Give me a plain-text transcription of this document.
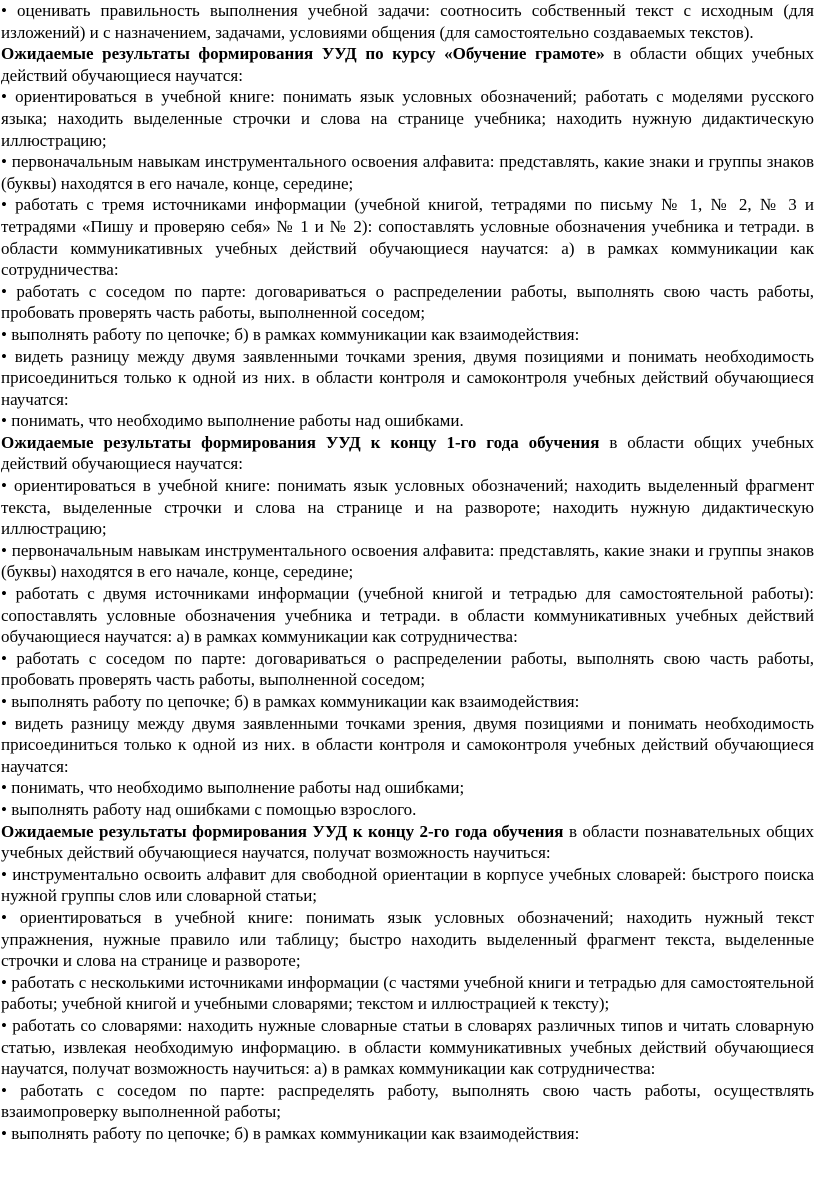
• оценивать правильность выполнения учебной задачи: соотносить собственный текст с исходным (для изложений) и с назначением, задачами, условиями общения (для самостоятельно создаваемых текстов).

Ожидаемые результаты формирования УУД по курсу «Обучение грамоте» в области общих учебных действий обучающиеся научатся:

• ориентироваться в учебной книге: понимать язык условных обозначений; работать с моделями русского языка; находить выделенные строчки и слова на странице учебника; находить нужную дидактическую иллюстрацию;

• первоначальным навыкам инструментального освоения алфавита: представлять, какие знаки и группы знаков (буквы) находятся в его начале, конце, середине;

• работать с тремя источниками информации (учебной книгой, тетрадями по письму № 1, № 2, № 3 и тетрадями «Пишу и проверяю себя» № 1 и № 2): сопоставлять условные обозначения учебника и тетради. в области коммуникативных учебных действий обучающиеся научатся: а) в рамках коммуникации как сотрудничества:

• работать с соседом по парте: договариваться о распределении работы, выполнять свою часть работы, пробовать проверять часть работы, выполненной соседом;

• выполнять работу по цепочке; б) в рамках коммуникации как взаимодействия:

• видеть разницу между двумя заявленными точками зрения, двумя позициями и понимать необходимость присоединиться только к одной из них. в области контроля и самоконтроля учебных действий обучающиеся научатся:

• понимать, что необходимо выполнение работы над ошибками.

Ожидаемые результаты формирования УУД к концу 1-го года обучения в области общих учебных действий обучающиеся научатся:

• ориентироваться в учебной книге: понимать язык условных обозначений; находить выделенный фрагмент текста, выделенные строчки и слова на странице и на развороте; находить нужную дидактическую иллюстрацию;

• первоначальным навыкам инструментального освоения алфавита: представлять, какие знаки и группы знаков (буквы) находятся в его начале, конце, середине;

• работать с двумя источниками информации (учебной книгой и тетрадью для самостоятельной работы): сопоставлять условные обозначения учебника и тетради. в области коммуникативных учебных действий обучающиеся научатся: а) в рамках коммуникации как сотрудничества:

• работать с соседом по парте: договариваться о распределении работы, выполнять свою часть работы, пробовать проверять часть работы, выполненной соседом;

• выполнять работу по цепочке; б) в рамках коммуникации как взаимодействия:

• видеть разницу между двумя заявленными точками зрения, двумя позициями и понимать необходимость присоединиться только к одной из них. в области контроля и самоконтроля учебных действий обучающиеся научатся:

• понимать, что необходимо выполнение работы над ошибками;

• выполнять работу над ошибками с помощью взрослого.

Ожидаемые результаты формирования УУД к концу 2-го года обучения в области познавательных общих учебных действий обучающиеся научатся, получат возможность научиться:

• инструментально освоить алфавит для свободной ориентации в корпусе учебных словарей: быстрого поиска нужной группы слов или словарной статьи;

• ориентироваться в учебной книге: понимать язык условных обозначений; находить нужный текст упражнения, нужные правило или таблицу; быстро находить выделенный фрагмент текста, выделенные строчки и слова на странице и развороте;

• работать с несколькими источниками информации (с частями учебной книги и тетрадью для самостоятельной работы; учебной книгой и учебными словарями; текстом и иллюстрацией к тексту);

• работать со словарями: находить нужные словарные статьи в словарях различных типов и читать словарную статью, извлекая необходимую информацию. в области коммуникативных учебных действий обучающиеся научатся, получат возможность научиться: а) в рамках коммуникации как сотрудничества:

• работать с соседом по парте: распределять работу, выполнять свою часть работы, осуществлять взаимопроверку выполненной работы;

• выполнять работу по цепочке; б) в рамках коммуникации как взаимодействия:
